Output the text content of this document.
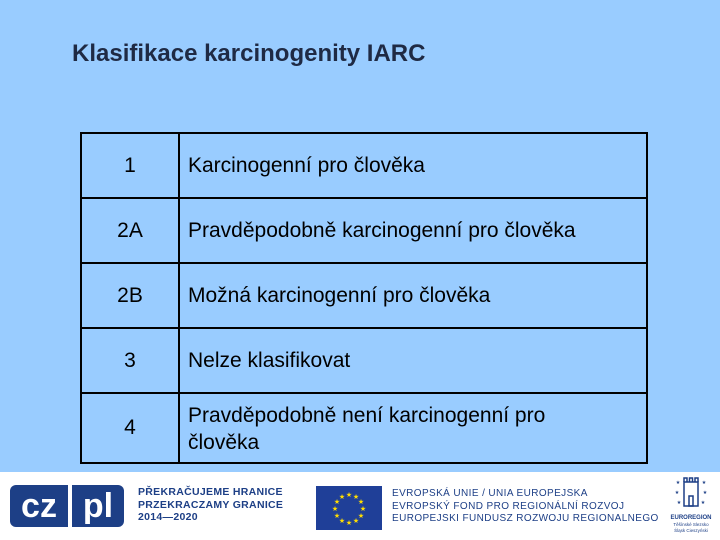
Klasifikace karcinogenity IARC
1	Karcinogenní pro člověka
2A	Pravděpodobně karcinogenní pro člověka
2B	Možná karcinogenní pro člověka
3	Nelze klasifikovat
4	Pravděpodobně není karcinogenní pro
člověka
cz pl	PŘEKRAČUJEME HRANICE
PRZEKRACZAMY GRANICE
2014—2020
★ ★
★
★
★
★
★
★
★
★
★
★	EVROPSKÁ UNIE / UNIA EUROPEJSKA
EVROPSKÝ FOND PRO REGIONÁLNÍ ROZVOJ
EUROPEJSKI FUNDUSZ ROZWOJU REGIONALNEGO
★	★
★	★
★	★
EUROREGION
Těšínské Slezsko
Śląsk Cieszyński
